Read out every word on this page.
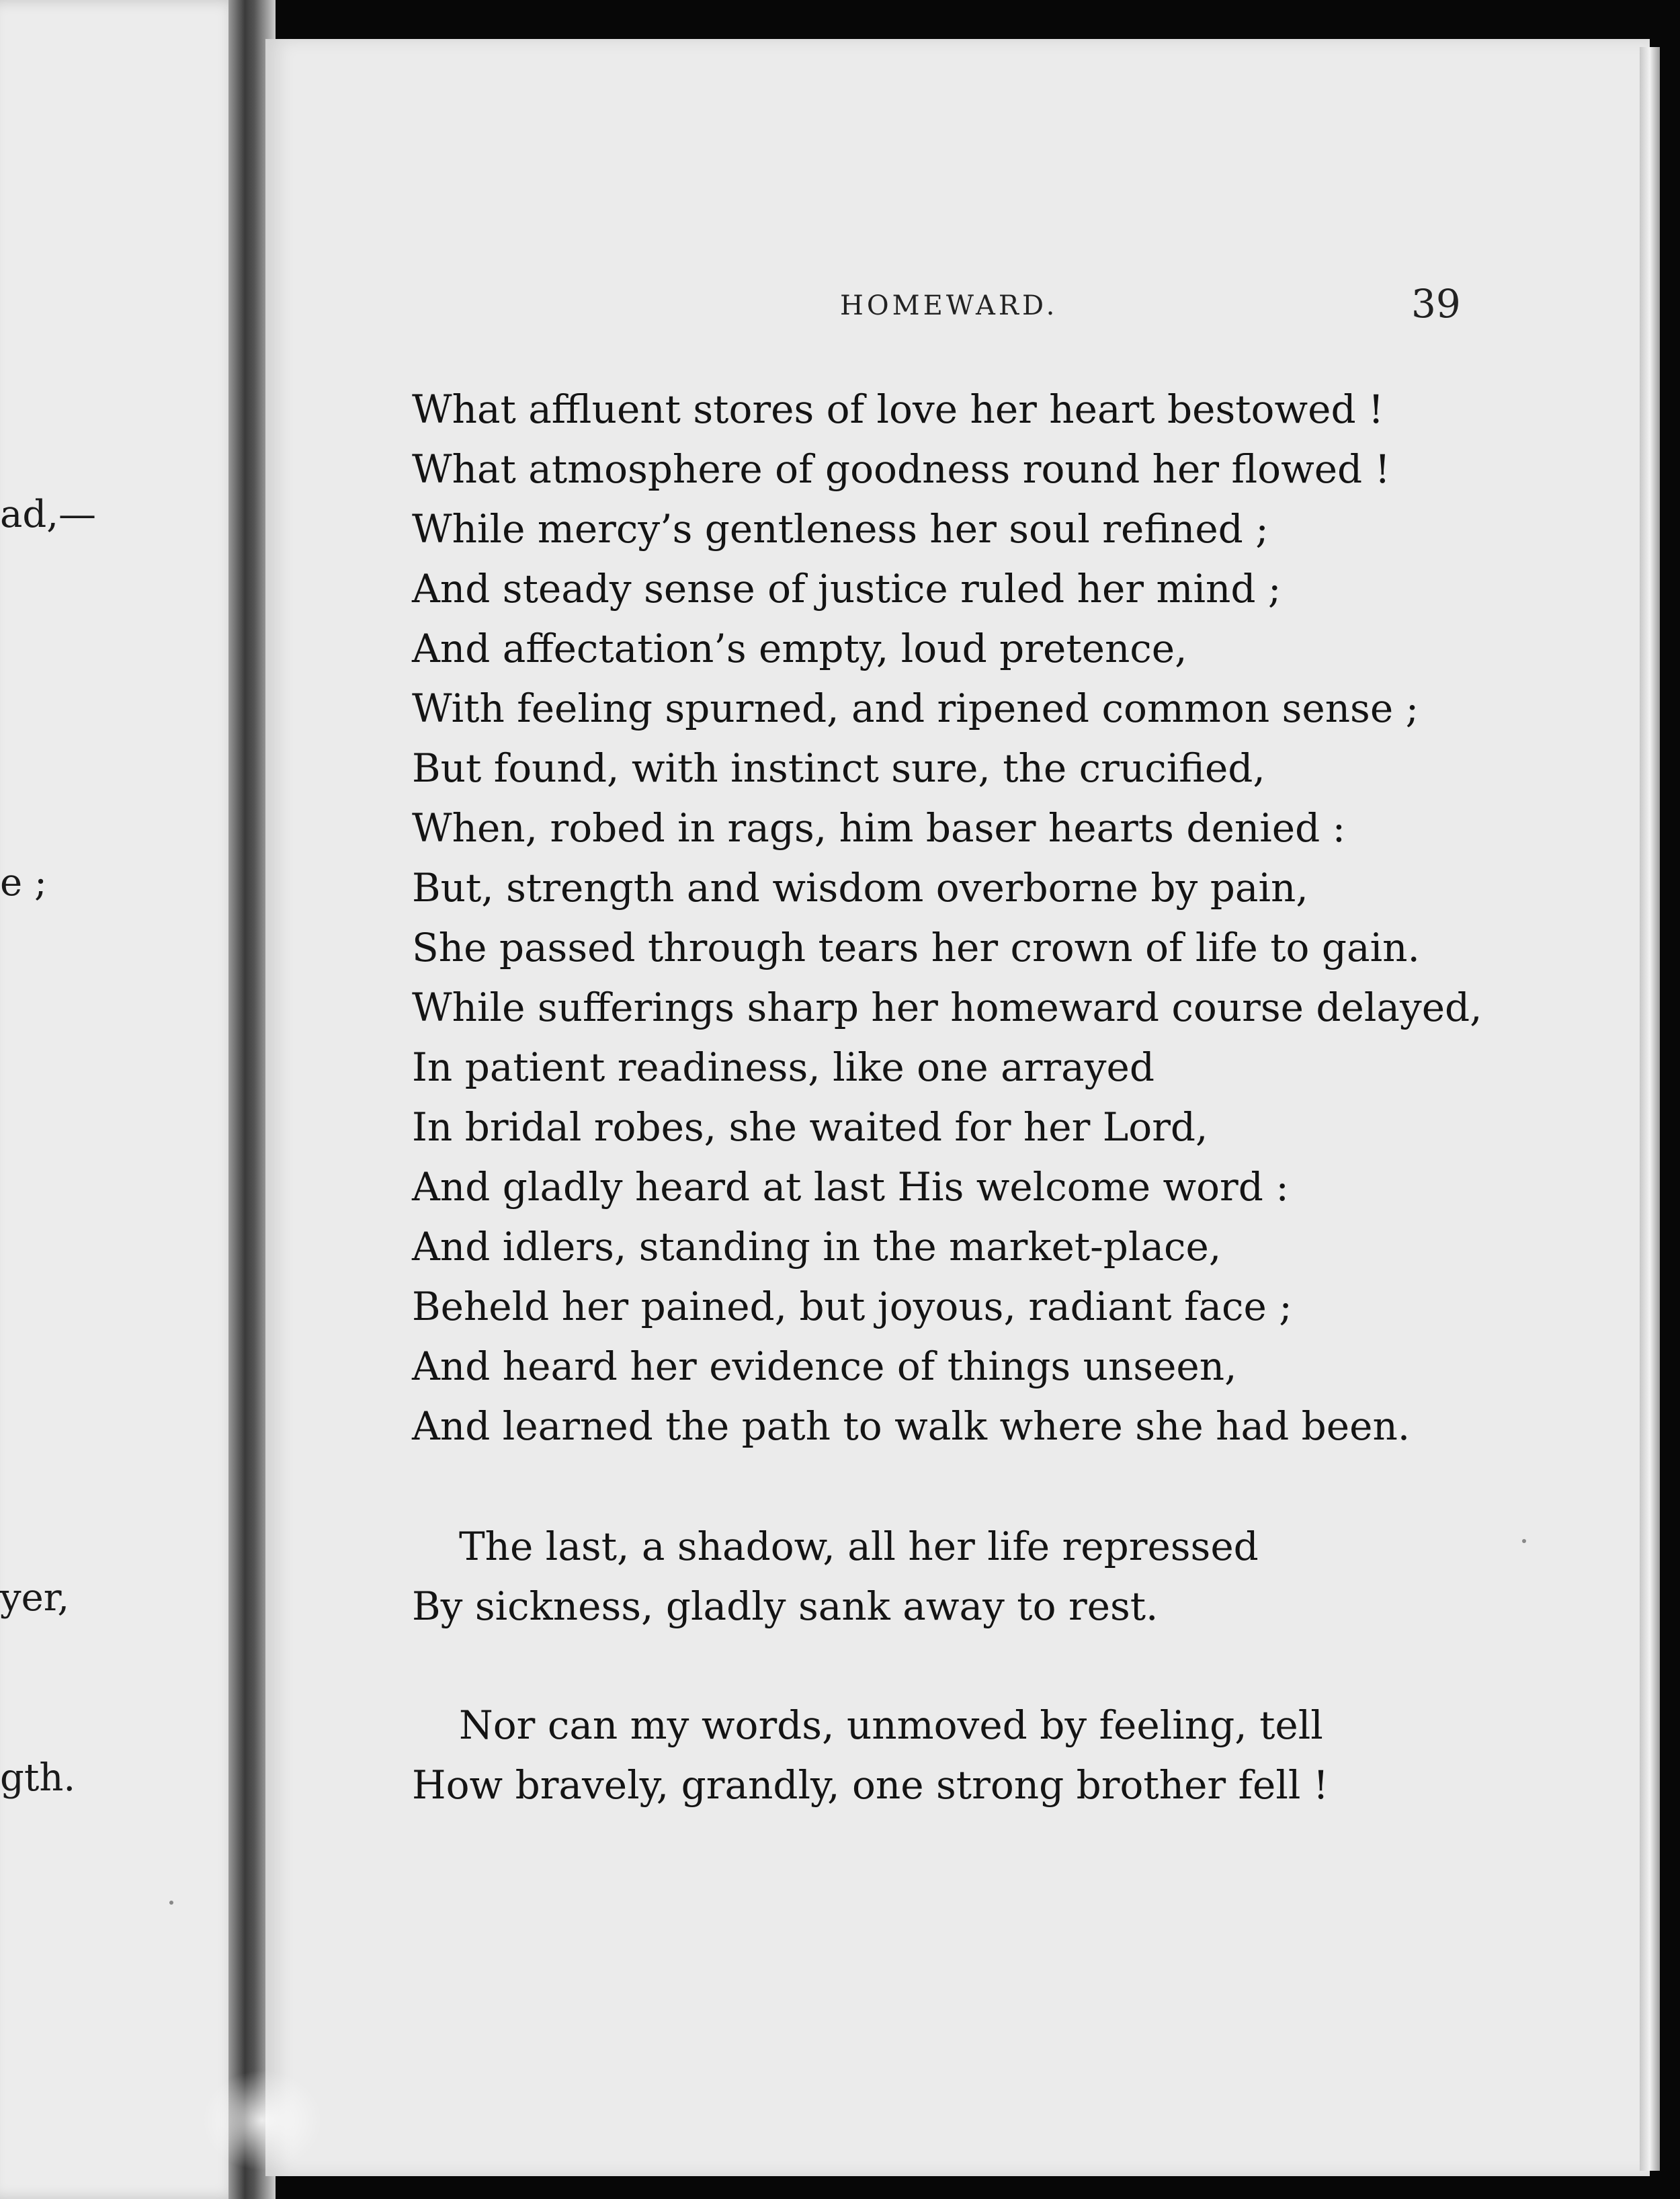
ad,—
e ;
yer,
gth.
HOMEWARD.	39
What affluent stores of love her heart bestowed !
What atmosphere of goodness round her flowed !
While mercy’s gentleness her soul refined ;
And steady sense of justice ruled her mind ;
And affectation’s empty, loud pretence,
With feeling spurned, and ripened common sense ;
But found, with instinct sure, the crucified,
When, robed in rags, him baser hearts denied :
But, strength and wisdom overborne by pain,
She passed through tears her crown of life to gain.
While sufferings sharp her homeward course delayed,
In patient readiness, like one arrayed
In bridal robes, she waited for her Lord,
And gladly heard at last His welcome word :
And idlers, standing in the market-place,
Beheld her pained, but joyous, radiant face ;
And heard her evidence of things unseen,
And learned the path to walk where she had been.
The last, a shadow, all her life repressed
By sickness, gladly sank away to rest.
Nor can my words, unmoved by feeling, tell
How bravely, grandly, one strong brother fell !
